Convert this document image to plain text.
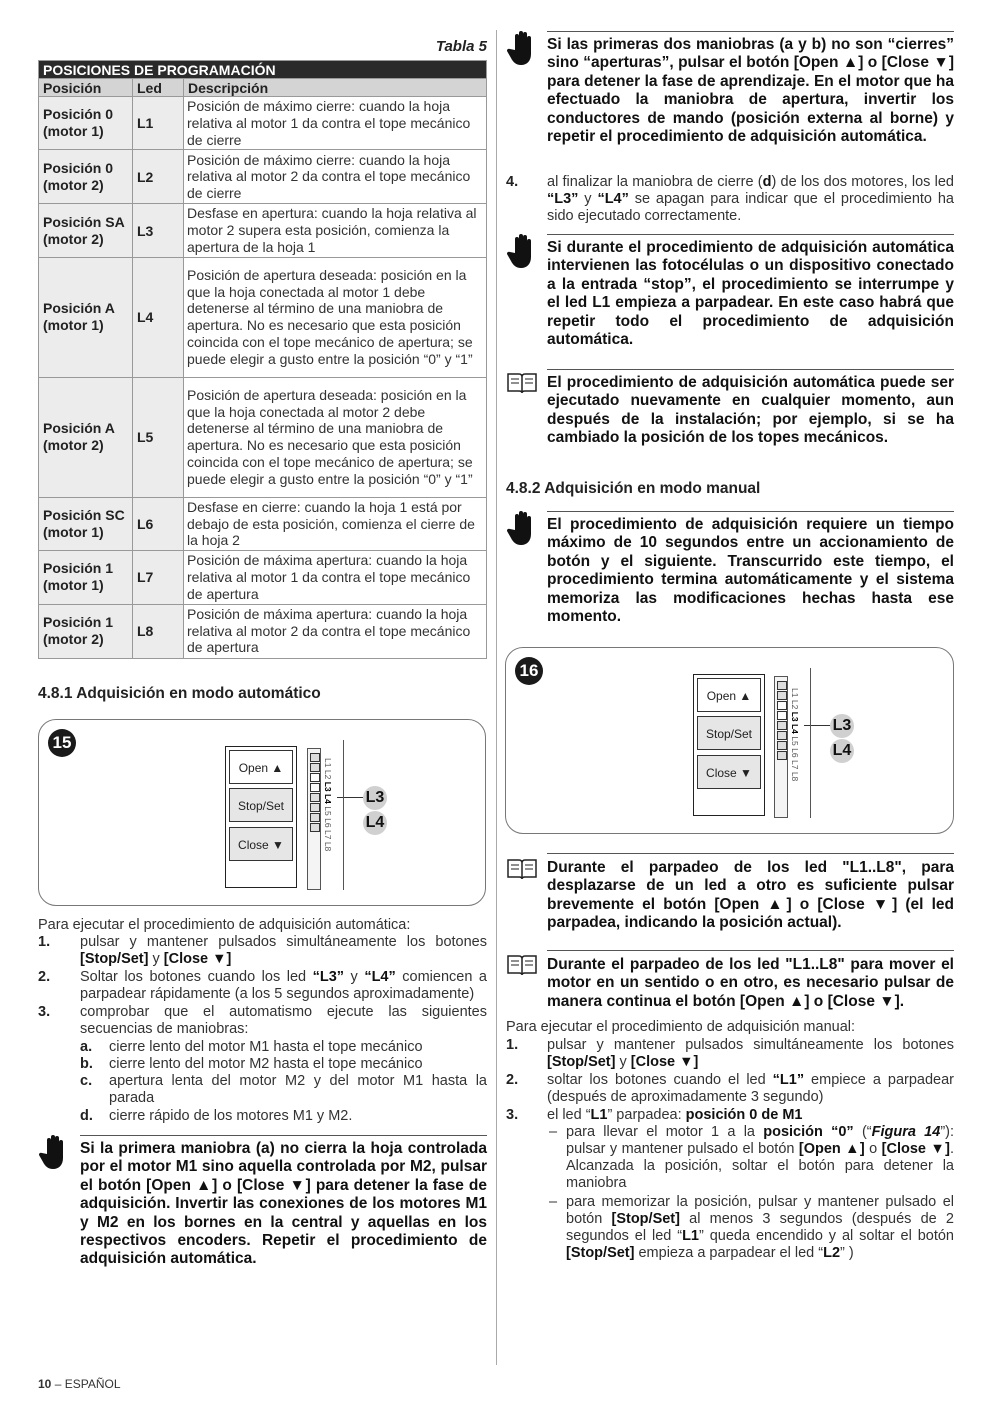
Tabla 5
POSICIONES DE PROGRAMACIÓN		
Posición	Led	Descripción
Posición 0 (motor 1)	L1	Posición de máximo cierre: cuando la hoja relativa al motor 1 da contra el tope mecánico de cierre
Posición 0 (motor 2)	L2	Posición de máximo cierre: cuando la hoja relativa al motor 2 da contra el tope mecánico de cierre
Posición SA (motor 2)	L3	Desfase en apertura: cuando la hoja relativa al motor 2 supera esta posición, comienza la apertura de la hoja 1
Posición A (motor 1)	L4	Posición de apertura deseada: posición en la que la hoja conectada al motor 1 debe detenerse al término de una maniobra de apertura. No es necesario que esta posición coincida con el tope mecánico de apertura; se puede elegir a gusto entre la posición “0” y “1”
Posición A (motor 2)	L5	Posición de apertura deseada: posición en la que la hoja conectada al motor 2 debe detenerse al término de una maniobra de apertura. No es necesario que esta posición coincida con el tope mecánico de apertura; se puede elegir a gusto entre la posición “0” y “1”
Posición SC (motor 1)	L6	Desfase en cierre: cuando la hoja 1 está por debajo de esta posición, comienza el cierre de la hoja 2
Posición 1 (motor 1)	L7	Posición de máxima apertura: cuando la hoja relativa al motor 1 da contra el tope mecánico de apertura
Posición 1 (motor 2)	L8	Posición de máxima apertura: cuando la hoja relativa al motor 2 da contra el tope mecánico de apertura
4.8.1 Adquisición en modo automático
15
Open ▲
Stop/Set
Close ▼
L1 L2 L3 L4 L5 L6 L7 L8
L3
L4
Para ejecutar el procedimiento de adquisición automática:
1. pulsar y mantener pulsados simultáneamente los botones [Stop/Set] y [Close ▼]
2. Soltar los botones cuando los led “L3” y “L4” comiencen a parpadear rápidamente (a los 5 segundos aproximadamente)
3. comprobar que el automatismo ejecute las siguientes secuencias de maniobras:
a. cierre lento del motor M1 hasta el tope mecánico
b. cierre lento del motor M2 hasta el tope mecánico
c. apertura lenta del motor M2 y del motor M1 hasta la parada
d. cierre rápido de los motores M1 y M2.
Si la primera maniobra (a) no cierra la hoja controlada por el motor M1 sino aquella controlada por M2, pulsar el botón [Open ▲] o [Close ▼] para detener la fase de adquisición. Invertir las conexiones de los motores M1 y M2 en los bornes en la central y aquellas en los respectivos encoders. Repetir el procedimiento de adquisición automática.
Si las primeras dos maniobras (a y b) no son “cierres” sino “aperturas”, pulsar el botón [Open ▲] o [Close ▼] para detener la fase de aprendizaje. En el motor que ha efectuado la maniobra de apertura, invertir los conductores de mando (posición externa al borne) y repetir el procedimiento de adquisición automática.
4. al finalizar la maniobra de cierre (d) de los dos motores, los led “L3” y “L4” se apagan para indicar que el procedimiento ha sido ejecutado correctamente.
Si durante el procedimiento de adquisición automática intervienen las fotocélulas o un dispositivo conectado a la entrada “stop”, el procedimiento se interrumpe y el led L1 empieza a parpadear. En este caso habrá que repetir todo el procedimiento de adquisición automática.
El procedimiento de adquisición automática puede ser ejecutado nuevamente en cualquier momento, aun después de la instalación; por ejemplo, si se ha cambiado la posición de los topes mecánicos.
4.8.2 Adquisición en modo manual
El procedimiento de adquisición requiere un tiempo máximo de 10 segundos entre un accionamiento de botón y el siguiente. Transcurrido este tiempo, el procedimiento termina automáticamente y el sistema memoriza las modificaciones hechas hasta ese momento.
16
Open ▲
Stop/Set
Close ▼
L1 L2 L3 L4 L5 L6 L7 L8
L3
L4
Durante el parpadeo de los led "L1..L8", para desplazarse de un led a otro es suficiente pulsar brevemente el botón [Open ▲] o [Close ▼] (el led parpadea, indicando la posición actual).
Durante el parpadeo de los led "L1..L8" para mover el motor en un sentido o en otro, es necesario pulsar de manera continua el botón [Open ▲] o [Close ▼].
Para ejecutar el procedimiento de adquisición manual:
1. pulsar y mantener pulsados simultáneamente los botones [Stop/Set] y [Close ▼]
2. soltar los botones cuando el led “L1” empiece a parpadear (después de aproximadamente 3 segundo)
3. el led “L1” parpadea: posición 0 de M1
– para llevar el motor 1 a la posición “0” (“Figura 14”): pulsar y mantener pulsado el botón [Open ▲] o [Close ▼]. Alcanzada la posición, soltar el botón para detener la maniobra
– para memorizar la posición, pulsar y mantener pulsado el botón [Stop/Set] al menos 3 segundos (después de 2 segundos el led “L1” queda encendido y al soltar el botón [Stop/Set] empieza a parpadear el led “L2” )
10 – ESPAÑOL
